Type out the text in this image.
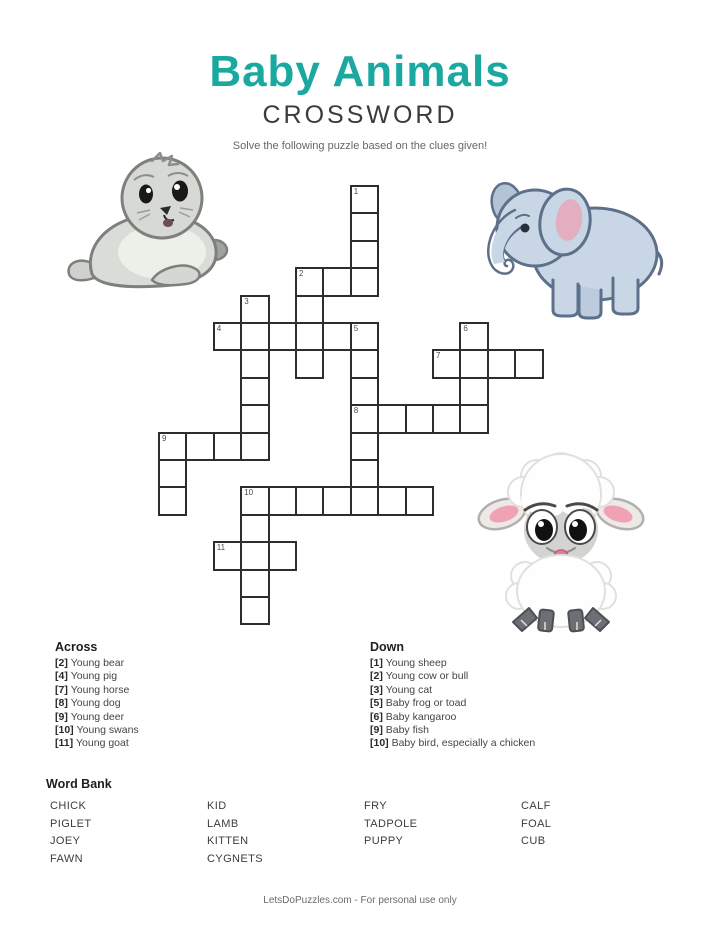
Baby Animals
CROSSWORD
Solve the following puzzle based on the clues given!
1
2
3
4	5
8
6
7
9
10
11
Across
[2] Young bear
[4] Young pig
[7] Young horse
[8] Young dog
[9] Young deer
[10] Young swans
[11] Young goat
Down
[1] Young sheep
[2] Young cow or bull
[3] Young cat
[5] Baby frog or toad
[6] Baby kangaroo
[9] Baby fish
[10] Baby bird, especially a chicken
Word Bank
CHICK
PIGLET
JOEY
FAWN
KID
LAMB
KITTEN
CYGNETS
FRY
TADPOLE
PUPPY
CALF
FOAL
CUB
LetsDoPuzzles.com - For personal use only
